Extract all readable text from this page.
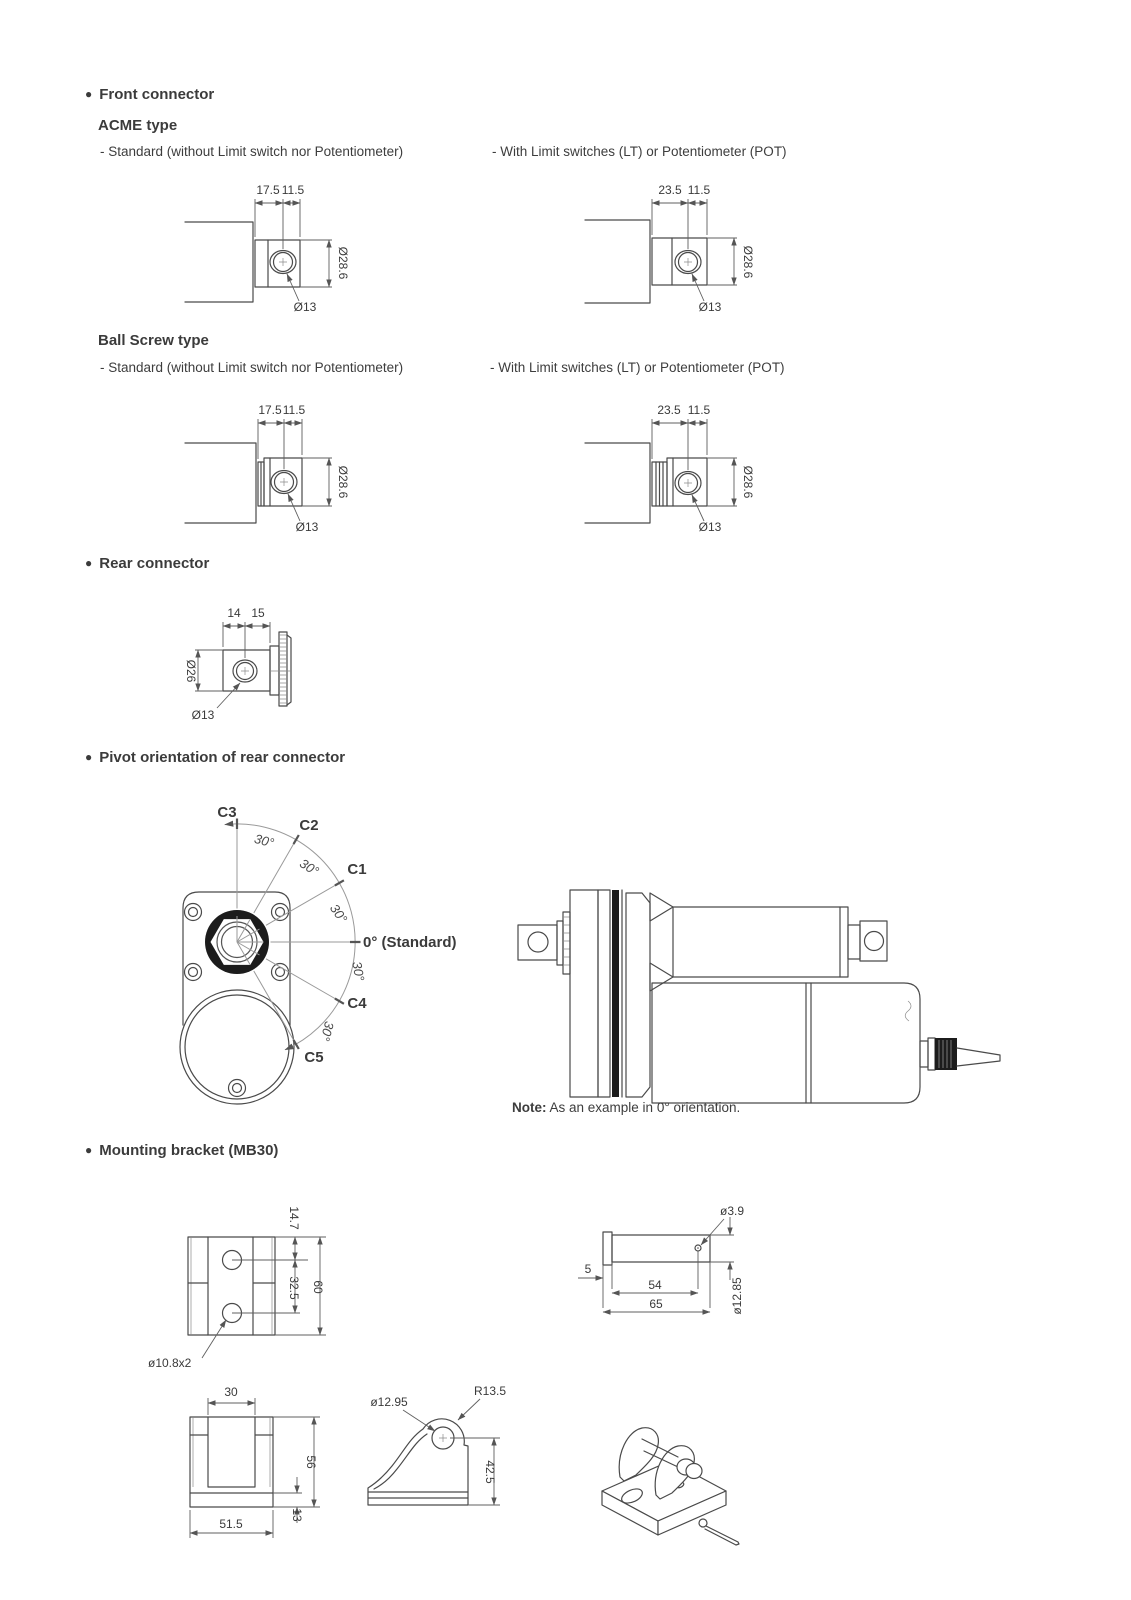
● Front connector
ACME type
- Standard (without Limit switch nor Potentiometer)	- With Limit switches (LT) or Potentiometer (POT)
17.5 11.5
Ø28.6
Ø13
23.5 11.5
Ø28.6
Ø13
Ball Screw type
- Standard (without Limit switch nor Potentiometer)	- With Limit switches (LT) or Potentiometer (POT)
17.5 11.5
Ø28.6
Ø13
23.5 11.5
Ø28.6
Ø13
● Rear connector
14 15
Ø26
Ø13
● Pivot orientation of rear connector
C3
C2
C1
0° (Standard)
C4
C5
30°
30°
30°
30°
30°
Note: As an example in 0° orientation.
● Mounting bracket (MB30)
14.7
32.5 60
ø10.8x2
ø3.9
5
54
65	ø12.85
30
56
51.5
13
ø12.95
R13.5
42.5
